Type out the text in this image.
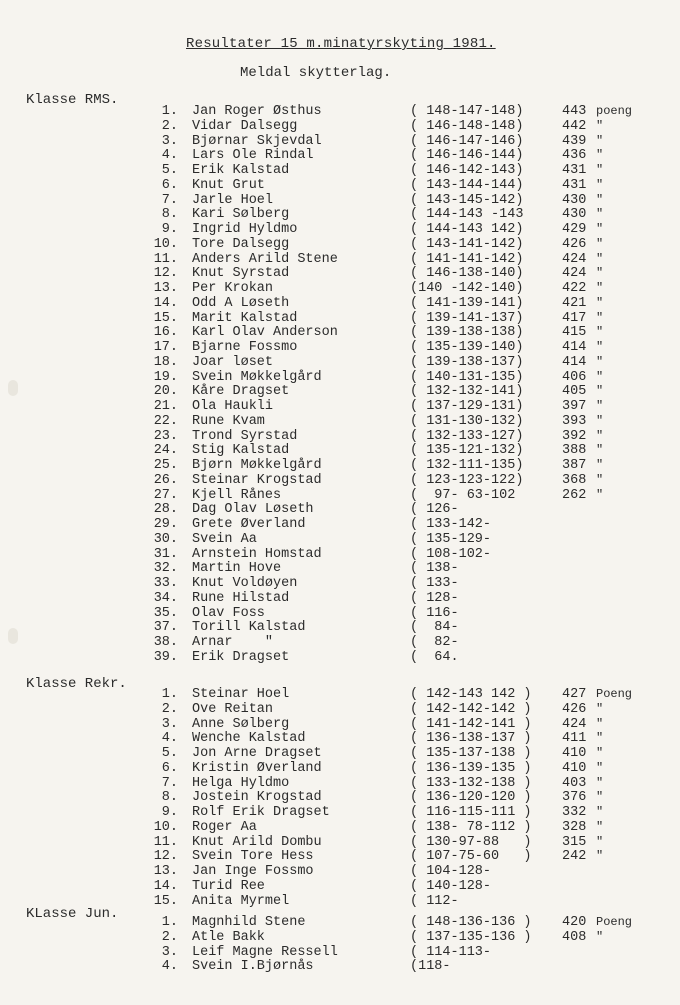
Resultater 15 m.minatyrskyting 1981.
Meldal skytterlag.
Klasse RMS.
Klasse Rekr.
KLasse Jun.
1. Jan Roger Østhus	( 148-147-148)	443 poeng
2. Vidar Dalsegg	( 146-148-148)	442 "
3. Bjørnar Skjevdal	( 146-147-146)	439 "
4. Lars Ole Rindal	( 146-146-144)	436 "
5. Erik Kalstad	( 146-142-143)	431 "
6. Knut Grut	( 143-144-144)	431 "
7. Jarle Hoel	( 143-145-142)	430 "
8. Kari Sølberg	( 144-143 -143	430 "
9. Ingrid Hyldmo	( 144-143 142)	429 "
10. Tore Dalsegg	( 143-141-142)	426 "
11. Anders Arild Stene	( 141-141-142)	424 "
12. Knut Syrstad	( 146-138-140)	424 "
13. Per Krokan	(140 -142-140)	422 "
14. Odd A Løseth	( 141-139-141)	421 "
15. Marit Kalstad	( 139-141-137)	417 "
16. Karl Olav Anderson	( 139-138-138)	415 "
17. Bjarne Fossmo	( 135-139-140)	414 "
18. Joar løset	( 139-138-137)	414 "
19. Svein Møkkelgård	( 140-131-135)	406 "
20. Kåre Dragset	( 132-132-141)	405 "
21. Ola Haukli	( 137-129-131)	397 "
22. Rune Kvam	( 131-130-132)	393 "
23. Trond Syrstad	( 132-133-127)	392 "
24. Stig Kalstad	( 135-121-132)	388 "
25. Bjørn Møkkelgård	( 132-111-135)	387 "
26. Steinar Krogstad	( 123-123-122)	368 "
27. Kjell Rånes	(  97- 63-102	262 "
28. Dag Olav Løseth	( 126-
29. Grete Øverland	( 133-142-
30. Svein Aa	( 135-129-
31. Arnstein Homstad	( 108-102-
32. Martin Hove	( 138-
33. Knut Voldøyen	( 133-
34. Rune Hilstad	( 128-
35. Olav Foss	( 116-
37. Torill Kalstad	(  84-
38. Arnar    "	(  82-
39. Erik Dragset	(  64.
1. Steinar Hoel	( 142-143 142 ) 427 Poeng
2. Ove Reitan	( 142-142-142 ) 426 "
3. Anne Sølberg	( 141-142-141 ) 424 "
4. Wenche Kalstad	( 136-138-137 ) 411 "
5. Jon Arne Dragset	( 135-137-138 ) 410 "
6. Kristin Øverland	( 136-139-135 ) 410 "
7. Helga Hyldmo	( 133-132-138 ) 403 "
8. Jostein Krogstad	( 136-120-120 ) 376 "
9. Rolf Erik Dragset	( 116-115-111 ) 332 "
10. Roger Aa	( 138- 78-112 ) 328 "
11. Knut Arild Dombu	( 130-97-88   ) 315 "
12. Svein Tore Hess	( 107-75-60   ) 242 "
13. Jan Inge Fossmo	( 104-128-
14. Turid Ree	( 140-128-
15. Anita Myrmel	( 112-
1. Magnhild Stene	( 148-136-136 ) 420 Poeng
2. Atle Bakk	( 137-135-136 ) 408 "
3. Leif Magne Ressell	( 114-113-
4. Svein I.Bjørnås	(118-
